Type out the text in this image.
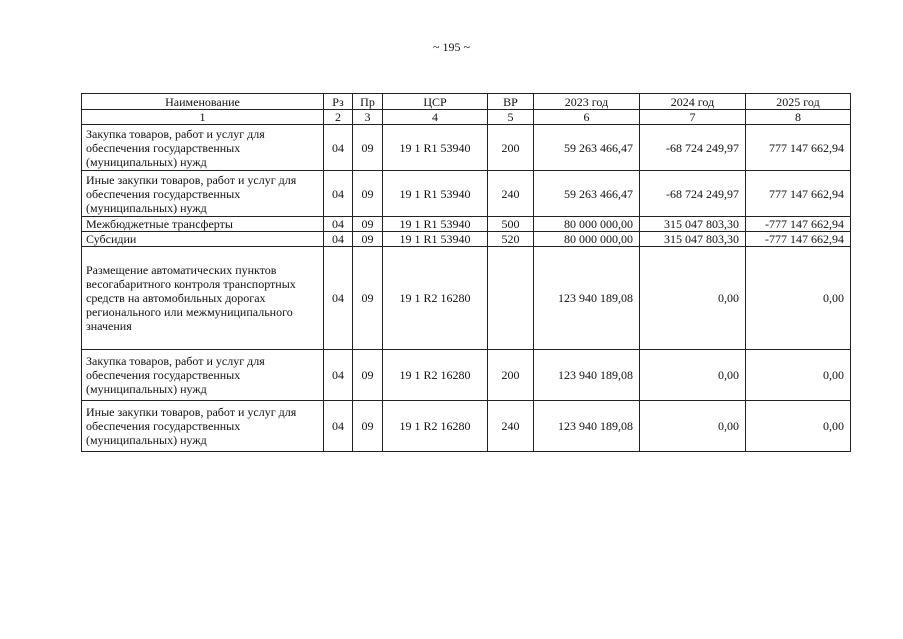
~ 195 ~
Наименование	Рз	Пр	ЦСР	ВР	2023 год	2024 год	2025 год
1	2	3	4	5	6	7	8
Закупка товаров, работ и услуг для обеспечения государственных (муниципальных) нужд	04	09	19 1 R1 53940	200	59 263 466,47	-68 724 249,97	777 147 662,94
Иные закупки товаров, работ и услуг для обеспечения государственных (муниципальных) нужд	04	09	19 1 R1 53940	240	59 263 466,47	-68 724 249,97	777 147 662,94
Межбюджетные трансферты	04	09	19 1 R1 53940	500	80 000 000,00	315 047 803,30	-777 147 662,94
Субсидии	04	09	19 1 R1 53940	520	80 000 000,00	315 047 803,30	-777 147 662,94
Размещение автоматических пунктов весогабаритного контроля транспортных средств на автомобильных дорогах регионального или межмуниципального значения	04	09	19 1 R2 16280		123 940 189,08	0,00	0,00
Закупка товаров, работ и услуг для обеспечения государственных (муниципальных) нужд	04	09	19 1 R2 16280	200	123 940 189,08	0,00	0,00
Иные закупки товаров, работ и услуг для обеспечения государственных (муниципальных) нужд	04	09	19 1 R2 16280	240	123 940 189,08	0,00	0,00
